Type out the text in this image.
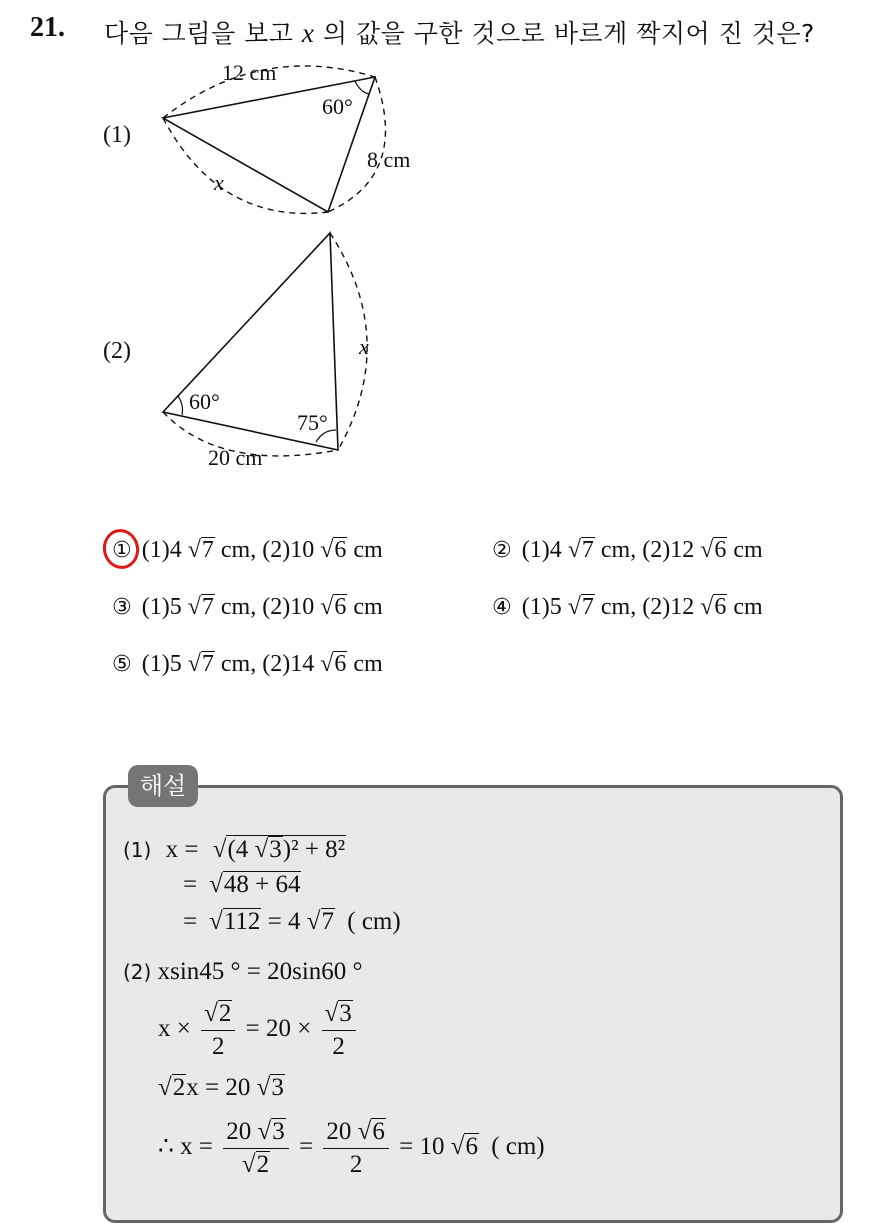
21. 다음 그림을 보고 x 의 값을 구한 것으로 바르게 짝지어 진 것은?
(1)
12 cm
8 cm
x
60°
x
20 cm
60°
75°
(2)
① (1)4 √7 cm, (2)10 √6 cm	② (1)4 √7 cm, (2)12 √6 cm
③ (1)5 √7 cm, (2)10 √6 cm	④ (1)5 √7 cm, (2)12 √6 cm
⑤ (1)5 √7 cm, (2)14 √6 cm
해설
(1) x = √(4 √3)² + 8²
= √48 + 64
= √112 = 4 √7 ( cm)
(2) xsin45 ° = 20sin60 °
$x \times \frac{√2}{2} = 20 \times \frac{√3}{2}$
√2x = 20 √3
∴ $x = \frac{20 √3}{√2} = \frac{20 √6}{2} = 10$ √6 ( cm)
